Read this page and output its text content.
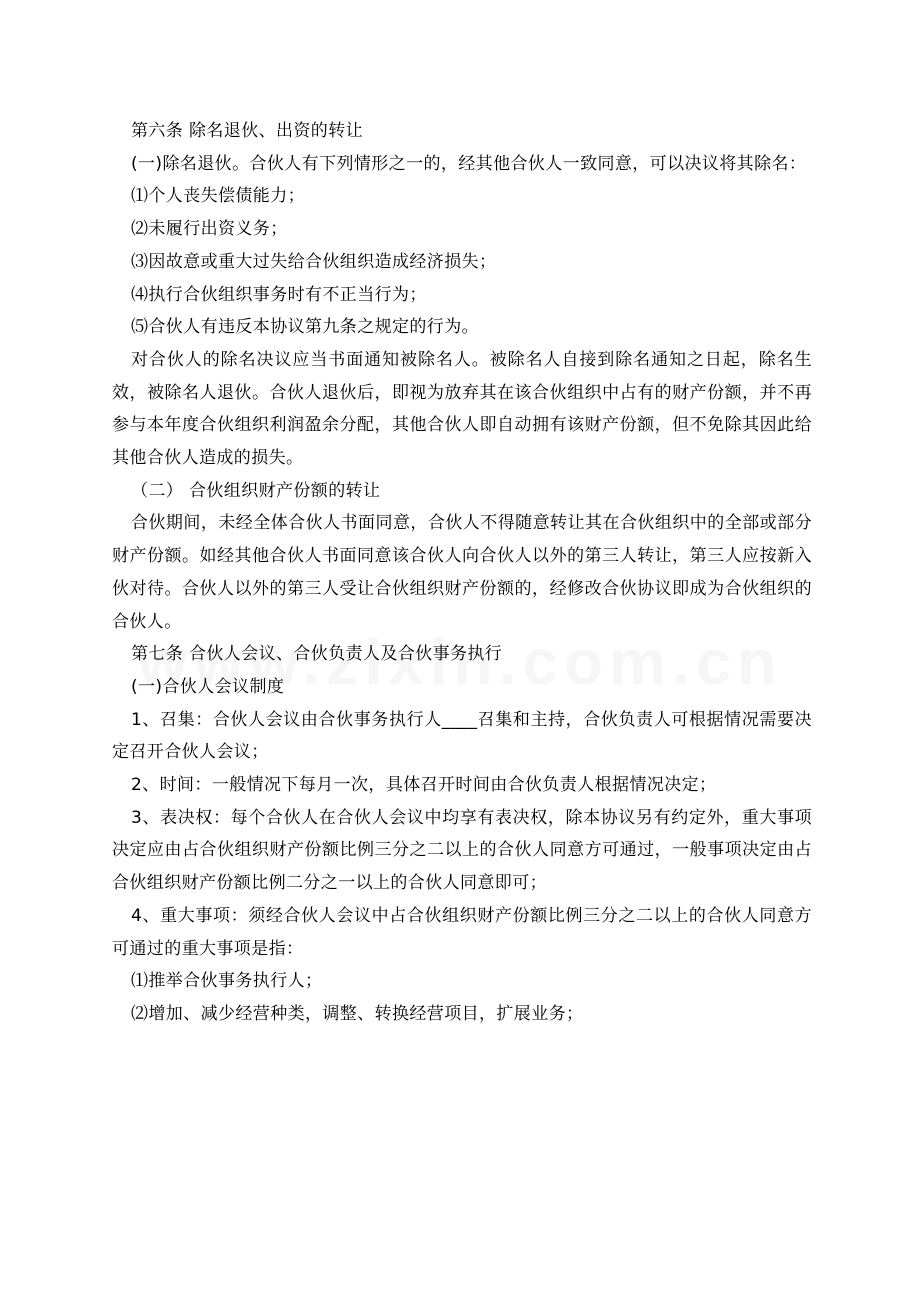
第六条 除名退伙、出资的转让

(一)除名退伙。合伙人有下列情形之一的，经其他合伙人一致同意，可以决议将其除名：

⑴个人丧失偿债能力；

⑵未履行出资义务；

⑶因故意或重大过失给合伙组织造成经济损失；

⑷执行合伙组织事务时有不正当行为；

⑸合伙人有违反本协议第九条之规定的行为。

对合伙人的除名决议应当书面通知被除名人。被除名人自接到除名通知之日起，除名生效，被除名人退伙。合伙人退伙后，即视为放弃其在该合伙组织中占有的财产份额，并不再参与本年度合伙组织利润盈余分配，其他合伙人即自动拥有该财产份额，但不免除其因此给其他合伙人造成的损失。

（二） 合伙组织财产份额的转让

合伙期间，未经全体合伙人书面同意，合伙人不得随意转让其在合伙组织中的全部或部分财产份额。如经其他合伙人书面同意该合伙人向合伙人以外的第三人转让，第三人应按新入伙对待。合伙人以外的第三人受让合伙组织财产份额的，经修改合伙协议即成为合伙组织的合伙人。

第七条 合伙人会议、合伙负责人及合伙事务执行

(一)合伙人会议制度

1、召集：合伙人会议由合伙事务执行人____召集和主持，合伙负责人可根据情况需要决定召开合伙人会议；

2、时间：一般情况下每月一次，具体召开时间由合伙负责人根据情况决定；

3、表决权：每个合伙人在合伙人会议中均享有表决权，除本协议另有约定外，重大事项决定应由占合伙组织财产份额比例三分之二以上的合伙人同意方可通过，一般事项决定由占合伙组织财产份额比例二分之一以上的合伙人同意即可；

4、重大事项：须经合伙人会议中占合伙组织财产份额比例三分之二以上的合伙人同意方可通过的重大事项是指：

⑴推举合伙事务执行人；

⑵增加、减少经营种类，调整、转换经营项目，扩展业务；
